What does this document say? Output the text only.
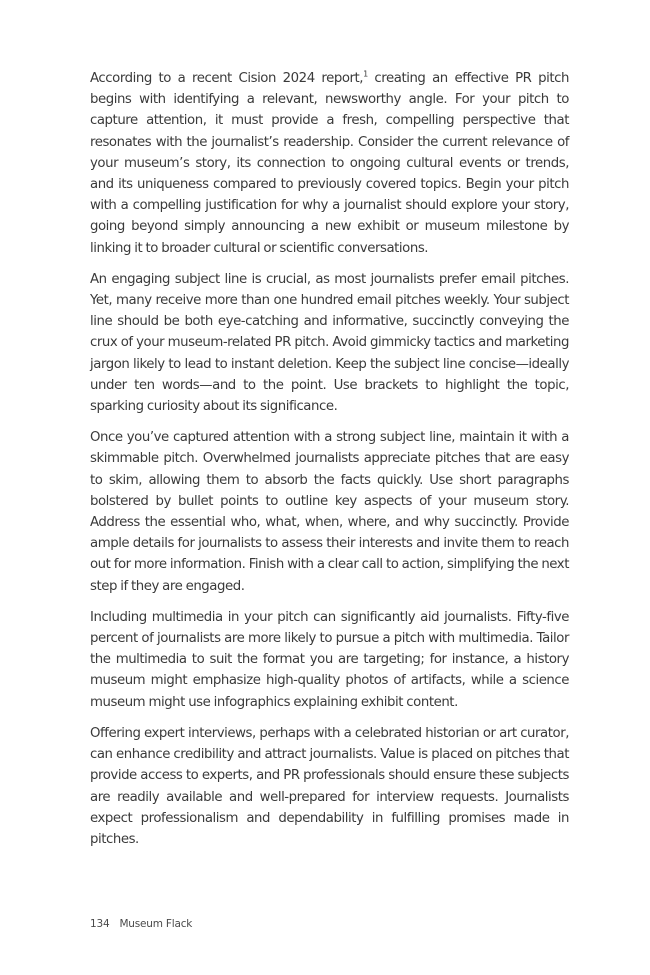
According to a recent Cision 2024 report,$^1$ creating an effective PR pitch begins with identifying a relevant, newsworthy angle. For your pitch to capture attention, it must provide a fresh, compelling perspective that resonates with the journalist’s readership. Consider the current relevance of your museum’s story, its connection to ongoing cultural events or trends, and its uniqueness compared to previously covered topics. Begin your pitch with a compelling justification for why a journalist should explore your story, going beyond simply announcing a new exhibit or museum milestone by linking it to broader cultural or scientific conversations.

An engaging subject line is crucial, as most journalists prefer email pitches. Yet, many receive more than one hundred email pitches weekly. Your subject line should be both eye-catching and informative, succinctly conveying the crux of your museum-related PR pitch. Avoid gimmicky tactics and marketing jargon likely to lead to instant deletion. Keep the subject line concise—ideally under ten words—and to the point. Use brackets to highlight the topic, sparking curiosity about its significance.

Once you’ve captured attention with a strong subject line, maintain it with a skimmable pitch. Overwhelmed journalists appreciate pitches that are easy to skim, allowing them to absorb the facts quickly. Use short paragraphs bolstered by bullet points to outline key aspects of your museum story. Address the essential who, what, when, where, and why succinctly. Provide ample details for journalists to assess their interests and invite them to reach out for more information. Finish with a clear call to action, simplifying the next step if they are engaged.

Including multimedia in your pitch can significantly aid journalists. Fifty-five percent of journalists are more likely to pursue a pitch with multimedia. Tailor the multimedia to suit the format you are targeting; for instance, a history museum might emphasize high-quality photos of artifacts, while a science museum might use infographics explaining exhibit content.

Offering expert interviews, perhaps with a celebrated historian or art curator, can enhance credibility and attract journalists. Value is placed on pitches that provide access to experts, and PR professionals should ensure these subjects are readily available and well-prepared for interview requests. Journalists expect professionalism and dependability in fulfilling promises made in pitches.

134 Museum Flack
